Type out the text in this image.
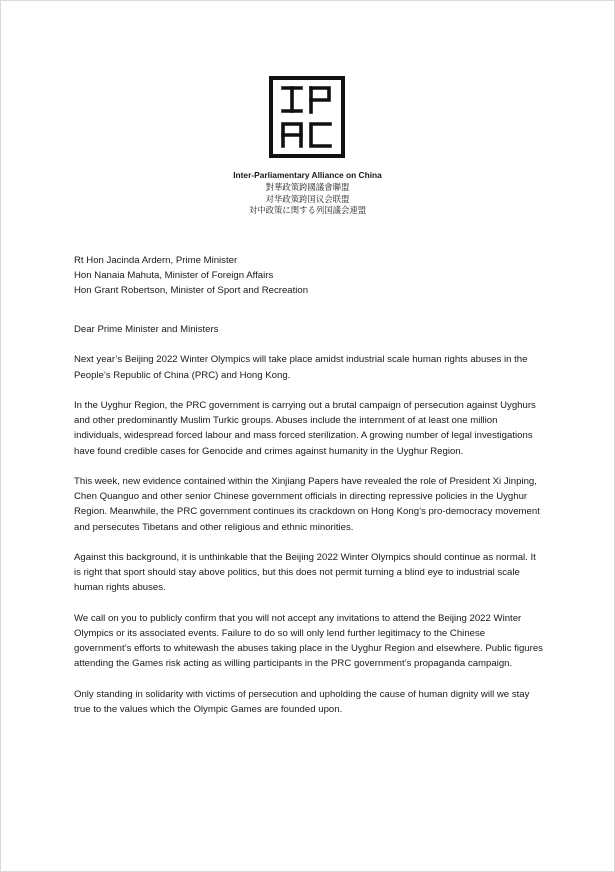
Inter-Parliamentary Alliance on China
對華政策跨國議會聯盟
对华政策跨国议会联盟
対中政策に関する列国議会連盟
Rt Hon Jacinda Ardern, Prime Minister
Hon Nanaia Mahuta, Minister of Foreign Affairs
Hon Grant Robertson, Minister of Sport and Recreation

Dear Prime Minister and Ministers

Next year’s Beijing 2022 Winter Olympics will take place amidst industrial scale human rights abuses in the People’s Republic of China (PRC) and Hong Kong.

In the Uyghur Region, the PRC government is carrying out a brutal campaign of persecution against Uyghurs and other predominantly Muslim Turkic groups. Abuses include the internment of at least one million individuals, widespread forced labour and mass forced sterilization. A growing number of legal investigations have found credible cases for Genocide and crimes against humanity in the Uyghur Region.

This week, new evidence contained within the Xinjiang Papers have revealed the role of President Xi Jinping, Chen Quanguo and other senior Chinese government officials in directing repressive policies in the Uyghur Region. Meanwhile, the PRC government continues its crackdown on Hong Kong’s pro-democracy movement and persecutes Tibetans and other religious and ethnic minorities.

Against this background, it is unthinkable that the Beijing 2022 Winter Olympics should continue as normal. It is right that sport should stay above politics, but this does not permit turning a blind eye to industrial scale human rights abuses.

We call on you to publicly confirm that you will not accept any invitations to attend the Beijing 2022 Winter Olympics or its associated events. Failure to do so will only lend further legitimacy to the Chinese government’s efforts to whitewash the abuses taking place in the Uyghur Region and elsewhere. Public figures attending the Games risk acting as willing participants in the PRC government’s propaganda campaign.

Only standing in solidarity with victims of persecution and upholding the cause of human dignity will we stay true to the values which the Olympic Games are founded upon.
